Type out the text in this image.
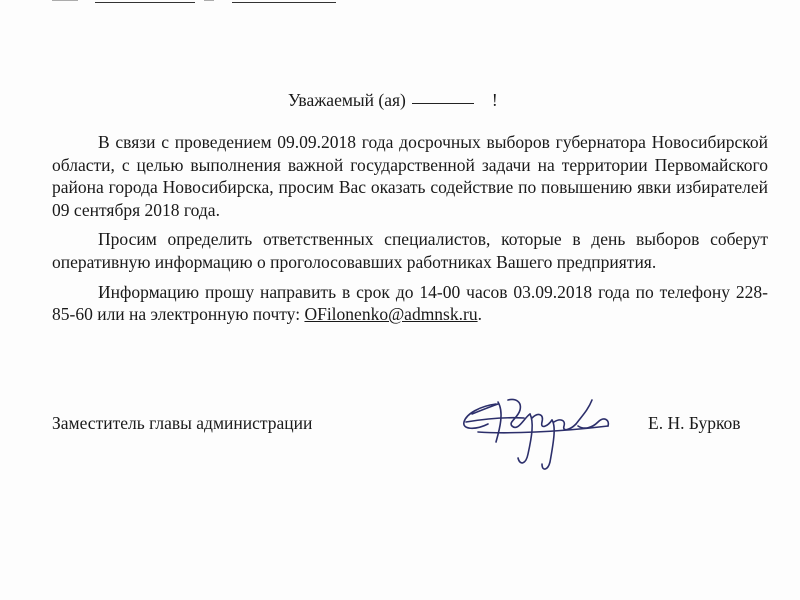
Уважаемый (ая)	!

В связи с проведением 09.09.2018 года досрочных выборов губернатора Новосибирской области, с целью выполнения важной государственной задачи на территории Первомайского района города Новосибирска, просим Вас оказать содействие по повышению явки избирателей 09 сентября 2018 года.

Просим определить ответственных специалистов, которые в день выборов соберут оперативную информацию о проголосовавших работниках Вашего предприятия.

Информацию прошу направить в срок до 14-00 часов 03.09.2018 года по телефону 228-85-60 или на электронную почту: OFilonenko@admnsk.ru.

Заместитель главы администрации	Е. Н. Бурков
